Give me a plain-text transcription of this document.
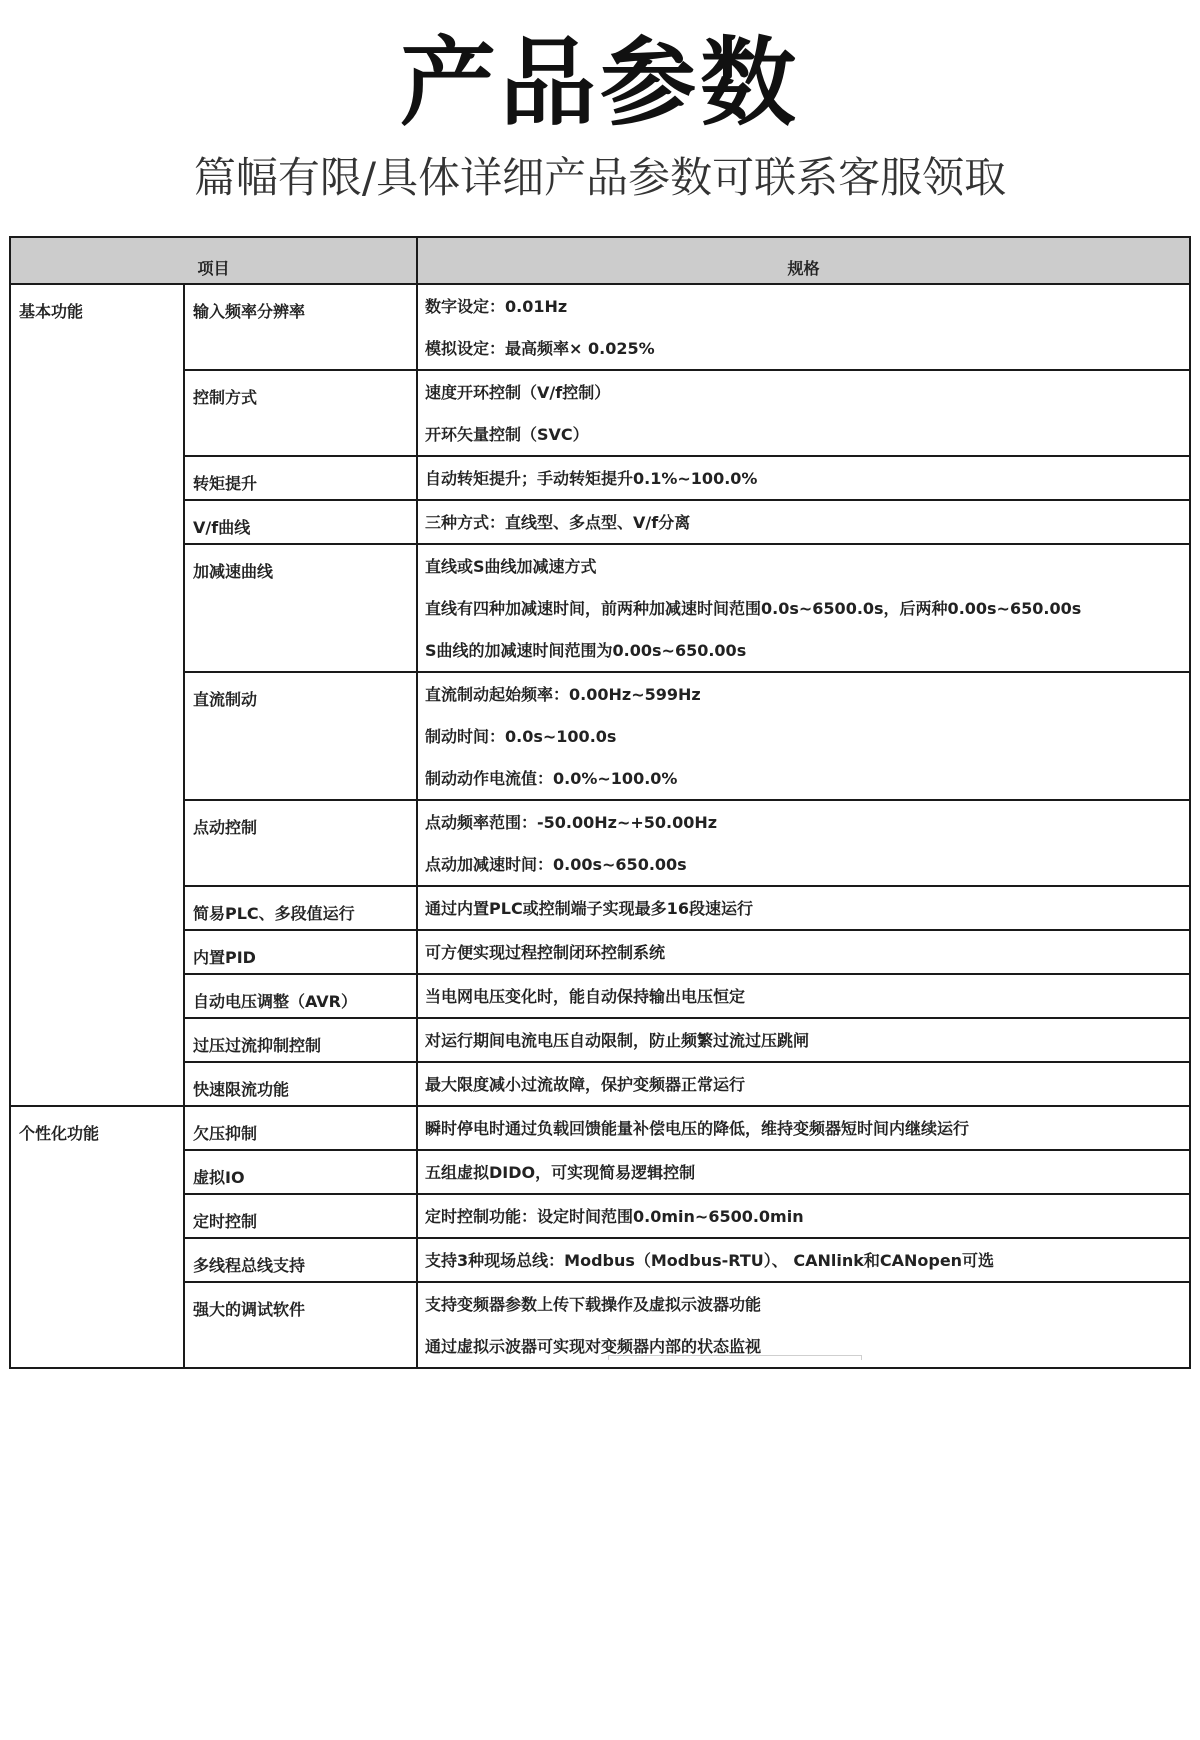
产品参数
篇幅有限/具体详细产品参数可联系客服领取
项目		规格
基本功能	输入频率分辨率	数字设定：0.01Hz
模拟设定：最高频率× 0.025%

	控制方式	速度开环控制（V/f控制）
开环矢量控制（SVC）

	转矩提升	自动转矩提升；手动转矩提升0.1%~100.0%

	V/f曲线	三种方式：直线型、多点型、V/f分离

	加减速曲线	直线或S曲线加减速方式
直线有四种加减速时间，前两种加减速时间范围0.0s~6500.0s，后两种0.00s~650.00s
S曲线的加减速时间范围为0.00s~650.00s

	直流制动	直流制动起始频率：0.00Hz~599Hz
制动时间：0.0s~100.0s
制动动作电流值：0.0%~100.0%

	点动控制	点动频率范围：-50.00Hz~+50.00Hz
点动加减速时间：0.00s~650.00s

	简易PLC、多段值运行	通过内置PLC或控制端子实现最多16段速运行

	内置PID	可方便实现过程控制闭环控制系统

	自动电压调整（AVR）	当电网电压变化时，能自动保持输出电压恒定

	过压过流抑制控制	对运行期间电流电压自动限制，防止频繁过流过压跳闸

	快速限流功能	最大限度减小过流故障，保护变频器正常运行

个性化功能	欠压抑制	瞬时停电时通过负载回馈能量补偿电压的降低，维持变频器短时间内继续运行

	虚拟IO	五组虚拟DIDO，可实现简易逻辑控制

	定时控制	定时控制功能：设定时间范围0.0min~6500.0min

	多线程总线支持	支持3种现场总线：Modbus（Modbus-RTU）、 CANlink和CANopen可选

	强大的调试软件	支持变频器参数上传下载操作及虚拟示波器功能
通过虚拟示波器可实现对变频器内部的状态监视
